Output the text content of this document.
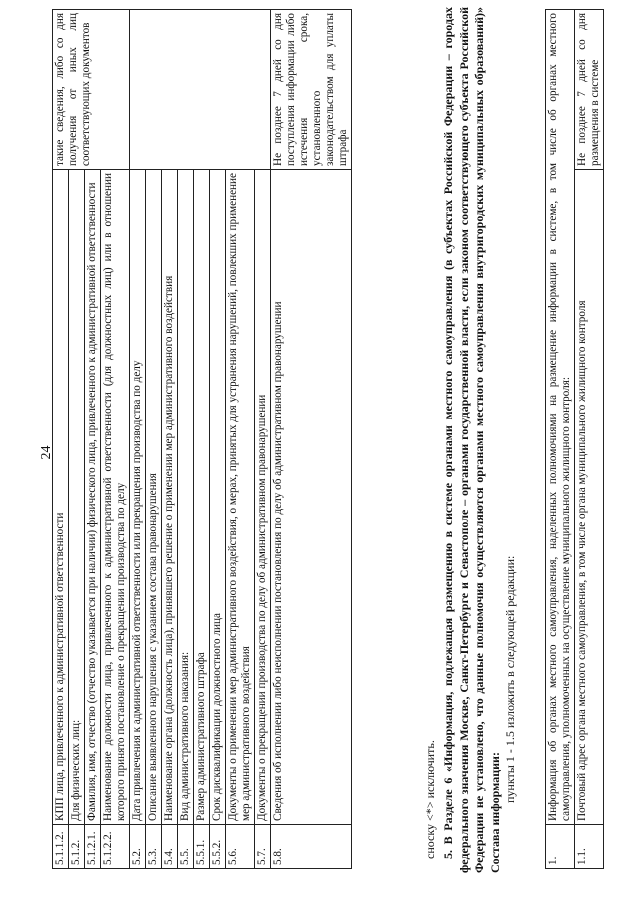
24
5.1.1.2.	КПП лица, привлеченного к административной ответственности	такие сведения, либо со дня получения от иных лиц соответствующих документов
5.1.2.	Для физических лиц:	
5.1.2.1.	Фамилия, имя, отчество (отчество указывается при наличии) физического лица, привлеченного к административной ответственности	
5.1.2.2.	Наименование должности лица, привлеченного к административной ответственности (для должностных лиц) или в отношении которого принято постановление о прекращении производства по делу	
5.2.	Дата привлечения к административной ответственности или прекращения производства по делу	
5.3.	Описание выявленного нарушения с указанием состава правонарушения	
5.4.	Наименование органа (должность лица), принявшего решение о применении мер административного воздействия	
5.5.	Вид административного наказания:	
5.5.1.	Размер административного штрафа	
5.5.2.	Срок дисквалификации должностного лица	
5.6.	Документы о применении мер административного воздействия, о мерах, принятых для устранения нарушений, повлекших применение мер административного воздействия	
5.7.	Документы о прекращении производства по делу об административном правонарушении	
5.8.	Сведения об исполнении либо неисполнении постановления по делу об административном правонарушении	Не позднее 7 дней со дня поступления информации либо истечения срока, установленного законодательством для уплаты штрафа
сноску <*> исключить. 5. В Разделе 6 «Информация, подлежащая размещению в системе органами местного самоуправления (в субъектах Российской Федерации – городах федерального значения Москве, Санкт-Петербурге и Севастополе – органами государственной власти, если законом соответствующего субъекта Российской Федерации не установлено, что данные полномочия осуществляются органами местного самоуправления внутригородских муниципальных образований)» Состава информации:
пункты 1 - 1.5 изложить в следующей редакции:
1.	Информация об органах местного самоуправления, наделенных полномочиями на размещение информации в системе, в том числе об органах местного самоуправления, уполномоченных на осуществление муниципального жилищного контроля:	
1.1.	Почтовый адрес органа местного самоуправления, в том числе органа муниципального жилищного контроля	Не позднее 7 дней со дня размещения в системе
